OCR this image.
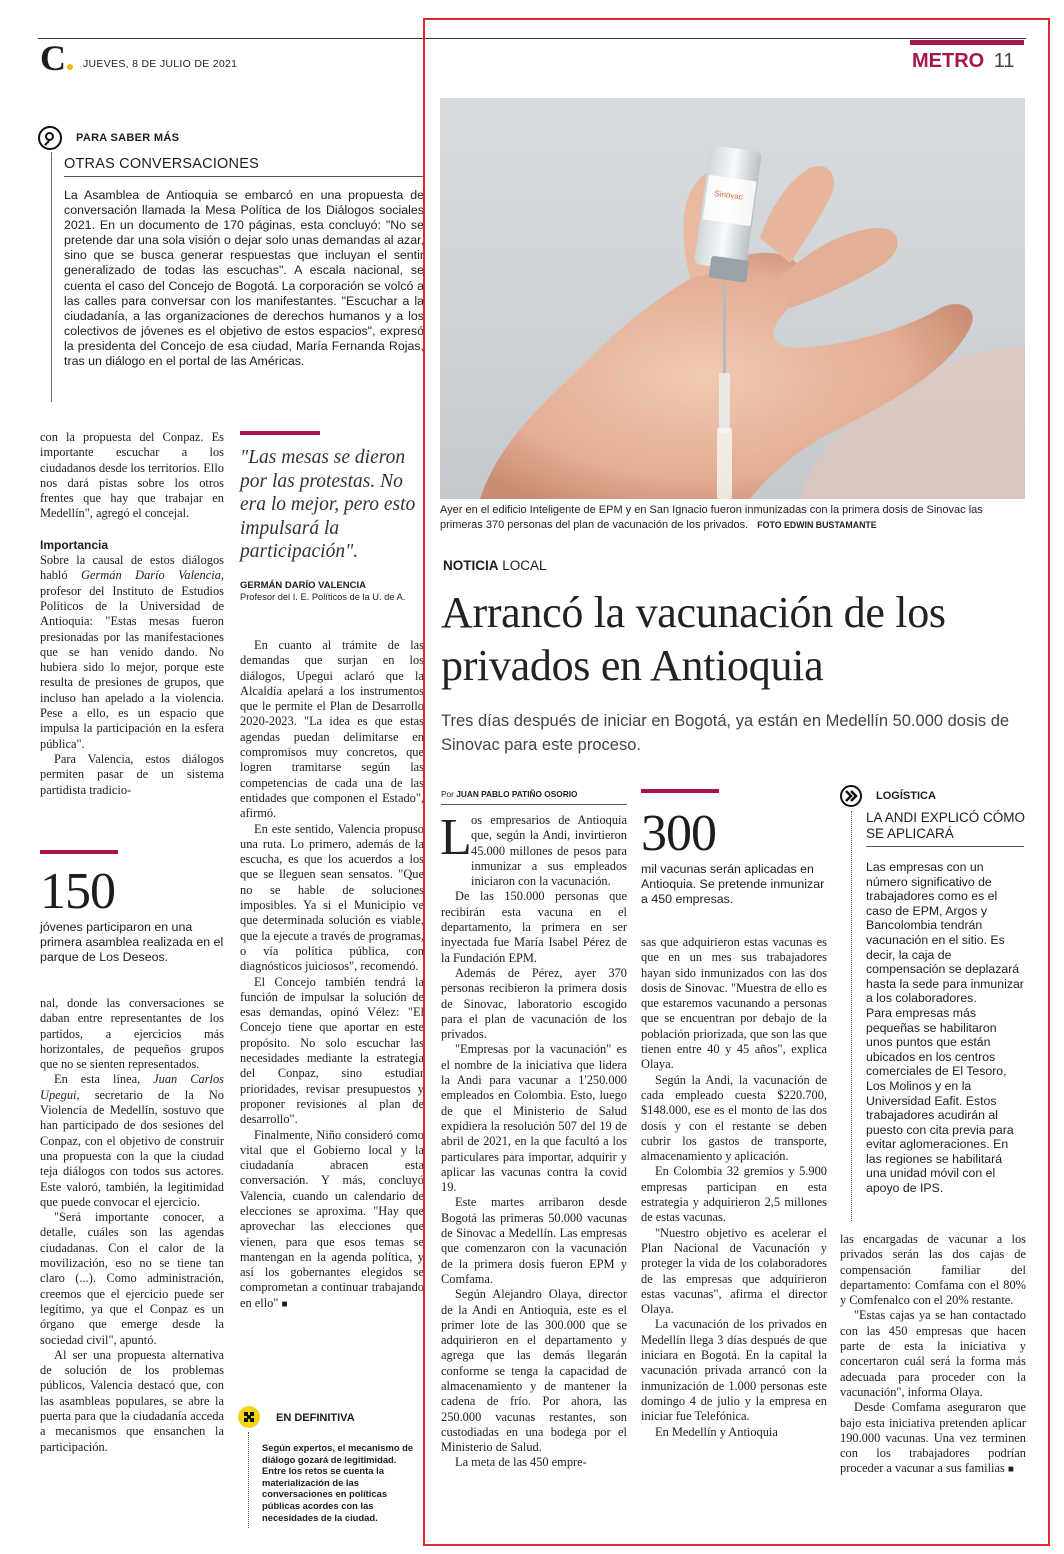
C	JUEVES, 8 DE JULIO DE 2021	METRO 11
PARA SABER MÁS
OTRAS CONVERSACIONES
La Asamblea de Antioquia se embarcó en una propuesta de conversación llamada la Mesa Política de los Diálogos sociales 2021. En un documento de 170 páginas, esta concluyó: "No se pretende dar una sola visión o dejar solo unas demandas al azar, sino que se busca generar respuestas que incluyan el sentir generalizado de todas las escuchas". A escala nacional, se cuenta el caso del Concejo de Bogotá. La corporación se volcó a las calles para conversar con los manifestantes. "Escuchar a la ciudadanía, a las organizaciones de derechos humanos y a los colectivos de jóvenes es el objetivo de estos espacios", expresó la presidenta del Concejo de esa ciudad, María Fernanda Rojas, tras un diálogo en el portal de las Américas.

con la propuesta del Conpaz. Es importante escuchar a los ciudadanos desde los territorios. Ello nos dará pistas sobre los otros frentes que hay que trabajar en Medellín", agregó el concejal.

Importancia

Sobre la causal de estos diálogos habló Germán Darío Valencia, profesor del Instituto de Estudios Políticos de la Universidad de Antioquia: "Estas mesas fueron presionadas por las manifestaciones que se han venido dando. No hubiera sido lo mejor, porque este resulta de presiones de grupos, que incluso han apelado a la violencia. Pese a ello, es un espacio que impulsa la participación en la esfera pública".

Para Valencia, estos diálogos permiten pasar de un sistema partidista tradicio-

150
jóvenes participaron en una primera asamblea realizada en el parque de Los Deseos.

nal, donde las conversaciones se daban entre representantes de los partidos, a ejercicios más horizontales, de pequeños grupos que no se sienten representados.

En esta línea, Juan Carlos Upegui, secretario de la No Violencia de Medellín, sostuvo que han participado de dos sesiones del Conpaz, con el objetivo de construir una propuesta con la que la ciudad teja diálogos con todos sus actores. Este valoró, también, la legitimidad que puede convocar el ejercicio.

"Será importante conocer, a detalle, cuáles son las agendas ciudadanas. Con el calor de la movilización, eso no se tiene tan claro (...). Como administración, creemos que el ejercicio puede ser legítimo, ya que el Conpaz es un órgano que emerge desde la sociedad civil", apuntó.

Al ser una propuesta alternativa de solución de los problemas públicos, Valencia destacó que, con las asambleas populares, se abre la puerta para que la ciudadanía acceda a mecanismos que ensanchen la participación.

"Las mesas se dieron por las protestas. No era lo mejor, pero esto impulsará la participación".
GERMÁN DARÍO VALENCIA
Profesor del I. E. Políticos de la U. de A.

En cuanto al trámite de las demandas que surjan en los diálogos, Upegui aclaró que la Alcaldía apelará a los instrumentos que le permite el Plan de Desarrollo 2020-2023. "La idea es que estas agendas puedan delimitarse en compromisos muy concretos, que logren tramitarse según las competencias de cada una de las entidades que componen el Estado", afirmó.

En este sentido, Valencia propuso una ruta. Lo primero, además de la escucha, es que los acuerdos a los que se lleguen sean sensatos. "Que no se hable de soluciones imposibles. Ya si el Municipio ve que determinada solución es viable, que la ejecute a través de programas, o vía política pública, con diagnósticos juiciosos", recomendó.

El Concejo también tendrá la función de impulsar la solución de esas demandas, opinó Vélez: "El Concejo tiene que aportar en este propósito. No solo escuchar las necesidades mediante la estrategia del Conpaz, sino estudiar prioridades, revisar presupuestos y proponer revisiones al plan de desarrollo".

Finalmente, Niño consideró como vital que el Gobierno local y la ciudadanía abracen esta conversación. Y más, concluyó Valencia, cuando un calendario de elecciones se aproxima. "Hay que aprovechar las elecciones que vienen, para que esos temas se mantengan en la agenda política, y así los gobernantes elegidos se comprometan a continuar trabajando en ello" ■

EN DEFINITIVA
Según expertos, el mecanismo de diálogo gozará de legitimidad. Entre los retos se cuenta la materialización de las conversaciones en políticas públicas acordes con las necesidades de la ciudad.
Sinovac
Ayer en el edificio Inteligente de EPM y en San Ignacio fueron inmunizadas con la primera dosis de Sinovac las primeras 370 personas del plan de vacunación de los privados. FOTO EDWIN BUSTAMANTE
NOTICIA LOCAL
Arrancó la vacunación de los privados en Antioquia
Tres días después de iniciar en Bogotá, ya están en Medellín 50.000 dosis de Sinovac para este proceso.
Por JUAN PABLO PATIÑO OSORIO
L os empresarios de Antioquia que, según la Andi, invirtieron 45.000 millones de pesos para inmunizar a sus empleados iniciaron con la vacunación.

De las 150.000 personas que recibirán esta vacuna en el departamento, la primera en ser inyectada fue María Isabel Pérez de la Fundación EPM.

Además de Pérez, ayer 370 personas recibieron la primera dosis de Sinovac, laboratorio escogido para el plan de vacunación de los privados.

"Empresas por la vacunación" es el nombre de la iniciativa que lidera la Andi para vacunar a 1'250.000 empleados en Colombia. Esto, luego de que el Ministerio de Salud expidiera la resolución 507 del 19 de abril de 2021, en la que facultó a los particulares para importar, adquirir y aplicar las vacunas contra la covid 19.

Este martes arribaron desde Bogotá las primeras 50.000 vacunas de Sinovac a Medellín. Las empresas que comenzaron con la vacunación de la primera dosis fueron EPM y Comfama.

Según Alejandro Olaya, director de la Andi en Antioquia, este es el primer lote de las 300.000 que se adquirieron en el departamento y agrega que las demás llegarán conforme se tenga la capacidad de almacenamiento y de mantener la cadena de frío. Por ahora, las 250.000 vacunas restantes, son custodiadas en una bodega por el Ministerio de Salud.

La meta de las 450 empre-

300
mil vacunas serán aplicadas en Antioquia. Se pretende inmunizar a 450 empresas.

sas que adquirieron estas vacunas es que en un mes sus trabajadores hayan sido inmunizados con las dos dosis de Sinovac. "Muestra de ello es que estaremos vacunando a personas que se encuentran por debajo de la población priorizada, que son las que tienen entre 40 y 45 años", explica Olaya.

Según la Andi, la vacunación de cada empleado cuesta $220.700, $148.000, ese es el monto de las dos dosis y con el restante se deben cubrir los gastos de transporte, almacenamiento y aplicación.

En Colombia 32 gremios y 5.900 empresas participan en esta estrategia y adquirieron 2,5 millones de estas vacunas.

"Nuestro objetivo es acelerar el Plan Nacional de Vacunación y proteger la vida de los colaboradores de las empresas que adquirieron estas vacunas", afirma el director Olaya.

La vacunación de los privados en Medellín llega 3 días después de que iniciara en Bogotá. En la capital la vacunación privada arrancó con la inmunización de 1.000 personas este domingo 4 de julio y la empresa en iniciar fue Telefónica.

En Medellín y Antioquia

LOGÍSTICA
LA ANDI EXPLICÓ CÓMO SE APLICARÁ
Las empresas con un número significativo de trabajadores como es el caso de EPM, Argos y Bancolombia tendrán vacunación en el sitio. Es decir, la caja de compensación se deplazará hasta la sede para inmunizar a los colaboradores.
Para empresas más pequeñas se habilitaron unos puntos que están ubicados en los centros comerciales de El Tesoro, Los Molinos y en la Universidad Eafit. Estos trabajadores acudirán al puesto con cita previa para evitar aglomeraciones. En las regiones se habilitará una unidad móvil con el apoyo de IPS.

las encargadas de vacunar a los privados serán las dos cajas de compensación familiar del departamento: Comfama con el 80% y Comfenalco con el 20% restante.

"Estas cajas ya se han contactado con las 450 empresas que hacen parte de esta la iniciativa y concertaron cuál será la forma más adecuada para proceder con la vacunación", informa Olaya.

Desde Comfama aseguraron que bajo esta iniciativa pretenden aplicar 190.000 vacunas. Una vez terminen con los trabajadores podrían proceder a vacunar a sus familias ■
